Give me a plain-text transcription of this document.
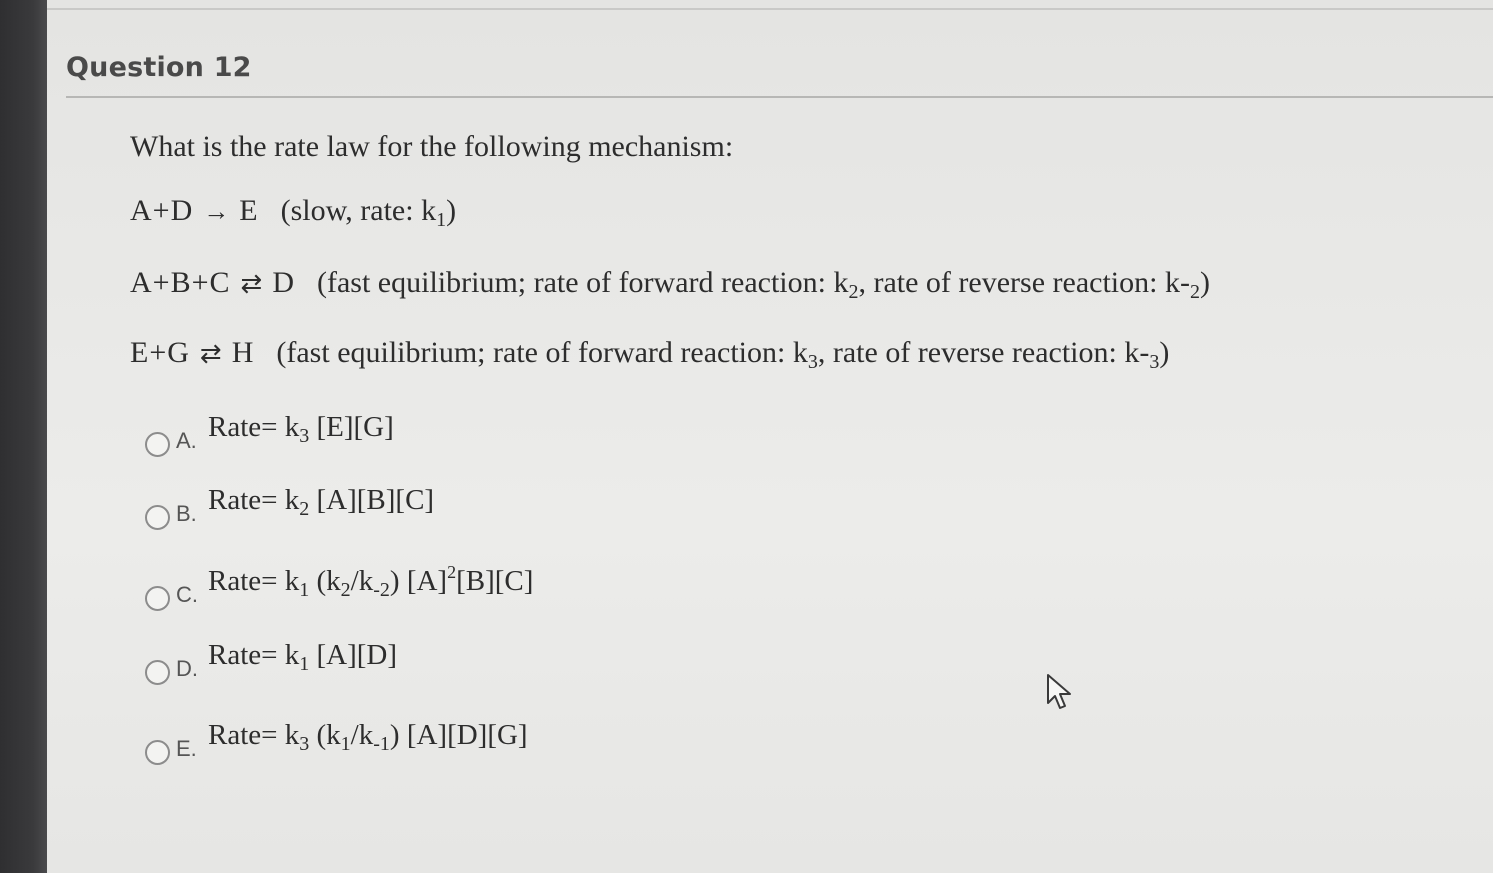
Question 12
What is the rate law for the following mechanism:
A+D → E (slow, rate: $k_1$)
A+B+C ⇄ D (fast equilibrium; rate of forward reaction: $k_2$, rate of reverse reaction: $k-_2$)
E+G ⇄ H (fast equilibrium; rate of forward reaction: $k_3$, rate of reverse reaction: $k-_3$)
A. Rate= $k_3$ [E][G]
B. Rate= $k_2$ [A][B][C]
C. Rate= $k_1$ $(k_2/k_{-2})$ $[A]^2[B][C]$
D. Rate= $k_1$ [A][D]
E. Rate= $k_3$ $(k_1/k_{-1})$ [A][D][G]
